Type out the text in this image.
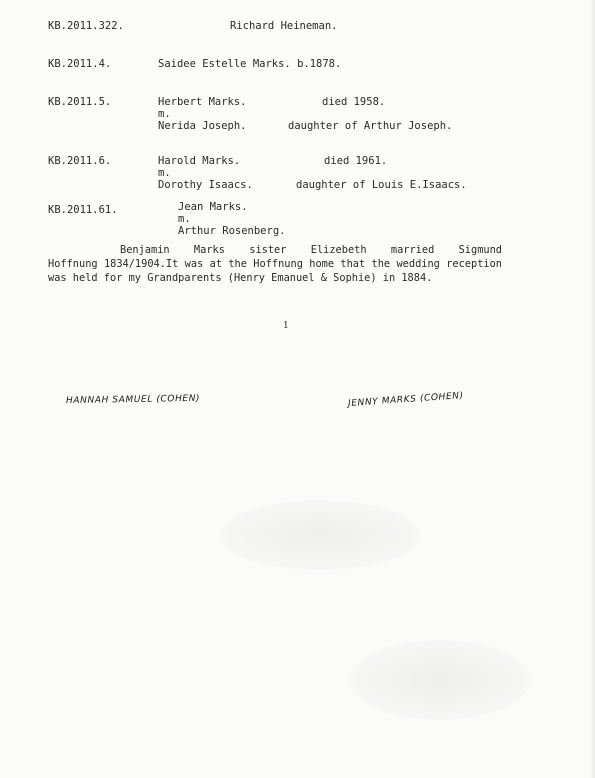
KB.2011.322.	Richard Heineman.
KB.2011.4.	Saidee Estelle Marks. b.1878.
KB.2011.5.	Herbert Marks.	died 1958.
m.
Nerida Joseph.	daughter of Arthur Joseph.
KB.2011.6.	Harold Marks.	died 1961.
m.
Dorothy Isaacs.	daughter of Louis E.Isaacs.
KB.2011.61.	Jean Marks.
m.
Arthur Rosenberg.
Benjamin Marks sister Elizebeth married Sigmund
Hoffnung 1834/1904.It was at the Hoffnung home that the wedding reception was held for my Grandparents (Henry Emanuel & Sophie) in 1884.
1
HANNAH SAMUEL (COHEN)	JENNY MARKS (COHEN)
